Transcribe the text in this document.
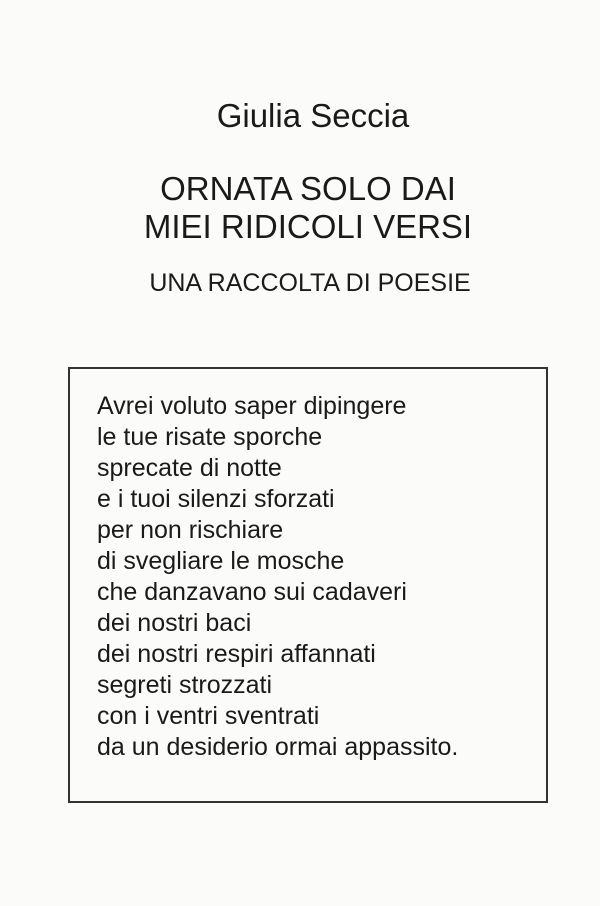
Giulia Seccia
ORNATA SOLO DAI
MIEI RIDICOLI VERSI
UNA RACCOLTA DI POESIE
Avrei voluto saper dipingere
le tue risate sporche
sprecate di notte
e i tuoi silenzi sforzati
per non rischiare
di svegliare le mosche
che danzavano sui cadaveri
dei nostri baci
dei nostri respiri affannati
segreti strozzati
con i ventri sventrati
da un desiderio ormai appassito.
